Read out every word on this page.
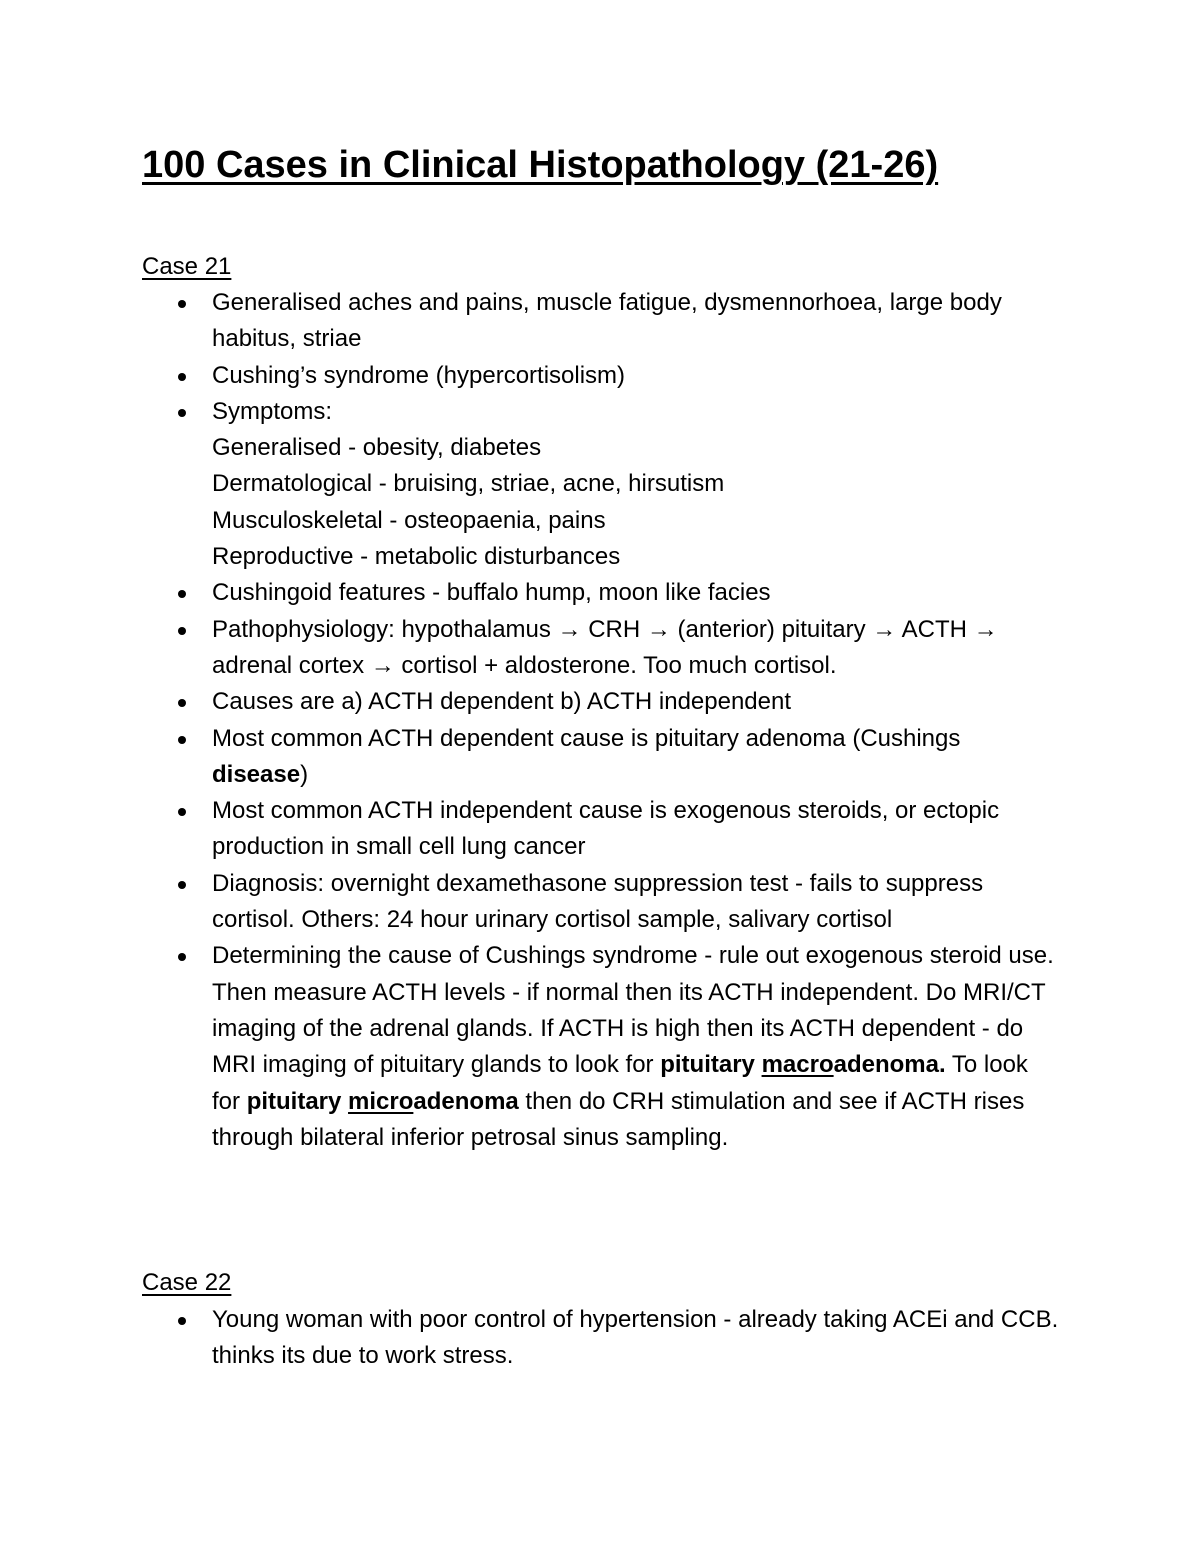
100 Cases in Clinical Histopathology (21-26)
Case 21
Generalised aches and pains, muscle fatigue, dysmennorhoea, large body habitus, striae
Cushing’s syndrome (hypercortisolism)
Symptoms:
Generalised - obesity, diabetes
Dermatological - bruising, striae, acne, hirsutism
Musculoskeletal - osteopaenia, pains
Reproductive - metabolic disturbances
Cushingoid features - buffalo hump, moon like facies
Pathophysiology: hypothalamus → CRH → (anterior) pituitary → ACTH → adrenal cortex → cortisol + aldosterone. Too much cortisol.
Causes are a) ACTH dependent b) ACTH independent
Most common ACTH dependent cause is pituitary adenoma (Cushings disease)
Most common ACTH independent cause is exogenous steroids, or ectopic production in small cell lung cancer
Diagnosis: overnight dexamethasone suppression test - fails to suppress cortisol. Others: 24 hour urinary cortisol sample, salivary cortisol
Determining the cause of Cushings syndrome - rule out exogenous steroid use. Then measure ACTH levels - if normal then its ACTH independent. Do MRI/CT imaging of the adrenal glands. If ACTH is high then its ACTH dependent - do MRI imaging of pituitary glands to look for pituitary macroadenoma. To look for pituitary microadenoma then do CRH stimulation and see if ACTH rises through bilateral inferior petrosal sinus sampling.
Case 22
Young woman with poor control of hypertension - already taking ACEi and CCB. thinks its due to work stress.
